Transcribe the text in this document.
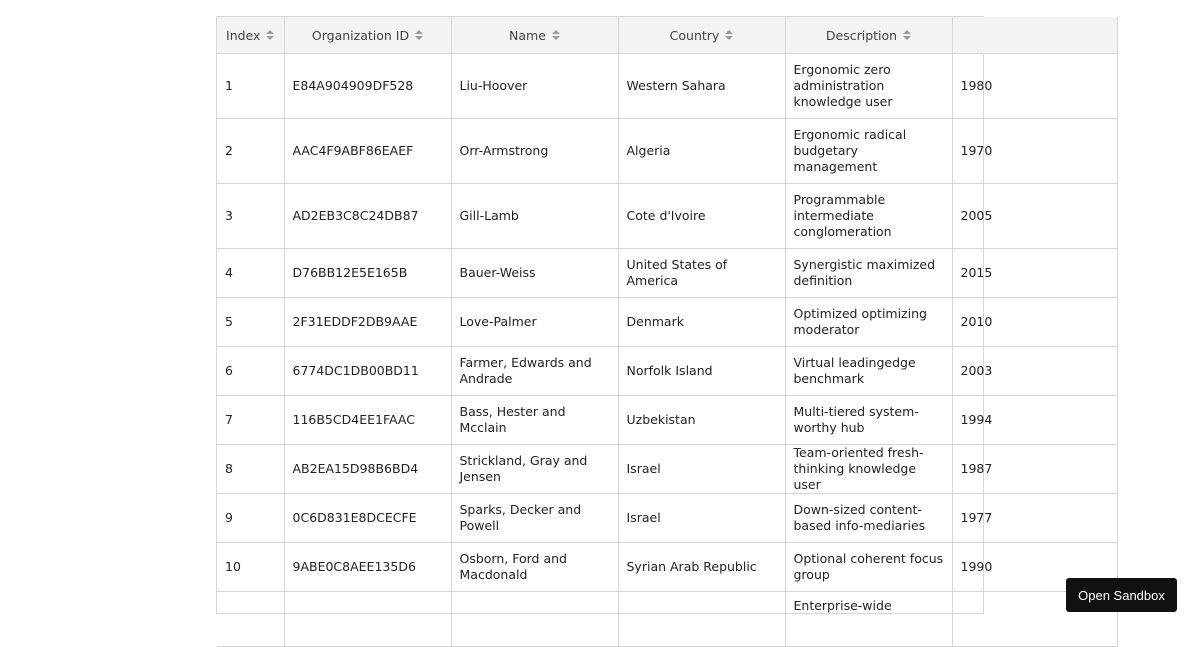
Index	Organization ID	Name	Country	Description	

1	E84A904909DF528	Liu-Hoover	Western Sahara	Ergonomic zero administration knowledge user	1980
2	AAC4F9ABF86EAEF	Orr-Armstrong	Algeria	Ergonomic radical budgetary management	1970
3	AD2EB3C8C24DB87	Gill-Lamb	Cote d'Ivoire	Programmable intermediate conglomeration	2005
4	D76BB12E5E165B	Bauer-Weiss	United States of America	Synergistic maximized definition	2015
5	2F31EDDF2DB9AAE	Love-Palmer	Denmark	Optimized optimizing moderator	2010
6	6774DC1DB00BD11	Farmer, Edwards and Andrade	Norfolk Island	Virtual leadingedge benchmark	2003
7	116B5CD4EE1FAAC	Bass, Hester and Mcclain	Uzbekistan	Multi-tiered system-worthy hub	1994
8	AB2EA15D98B6BD4	Strickland, Gray and Jensen	Israel	Team-oriented fresh-thinking knowledge user	1987
9	0C6D831E8DCECFE	Sparks, Decker and Powell	Israel	Down-sized content-based info-mediaries	1977
10	9ABE0C8AEE135D6	Osborn, Ford and Macdonald	Syrian Arab Republic	Optional coherent focus group	1990
				Enterprise-wide	
Open Sandbox
